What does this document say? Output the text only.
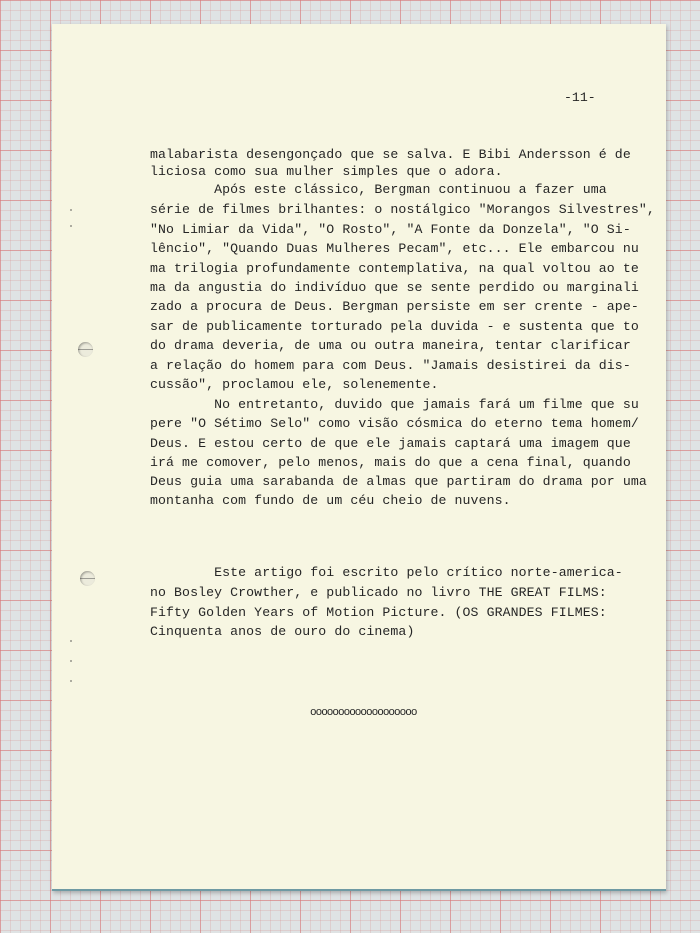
-11-
malabarista desengonçado que se salva. E Bibi Andersson é de
liciosa como sua mulher simples que o adora.
Após este clássico, Bergman continuou a fazer uma
série de filmes brilhantes: o nostálgico "Morangos Silvestres",
"No Limiar da Vida", "O Rosto", "A Fonte da Donzela", "O Si-
lêncio", "Quando Duas Mulheres Pecam", etc... Ele embarcou nu
ma trilogia profundamente contemplativa, na qual voltou ao te
ma da angustia do indivíduo que se sente perdido ou marginali
zado a procura de Deus. Bergman persiste em ser crente - ape-
sar de publicamente torturado pela duvida - e sustenta que to
do drama deveria, de uma ou outra maneira, tentar clarificar
a relação do homem para com Deus. "Jamais desistirei da dis-
cussão", proclamou ele, solenemente.
No entretanto, duvido que jamais fará um filme que su
pere "O Sétimo Selo" como visão cósmica do eterno tema homem/
Deus. E estou certo de que ele jamais captará uma imagem que
irá me comover, pelo menos, mais do que a cena final, quando
Deus guia uma sarabanda de almas que partiram do drama por uma
montanha com fundo de um céu cheio de nuvens.
Este artigo foi escrito pelo crítico norte-america-
no Bosley Crowther, e publicado no livro THE GREAT FILMS:
Fifty Golden Years of Motion Picture. (OS GRANDES FILMES:
Cinquenta anos de ouro do cinema)
ooooooooooooooooooo
